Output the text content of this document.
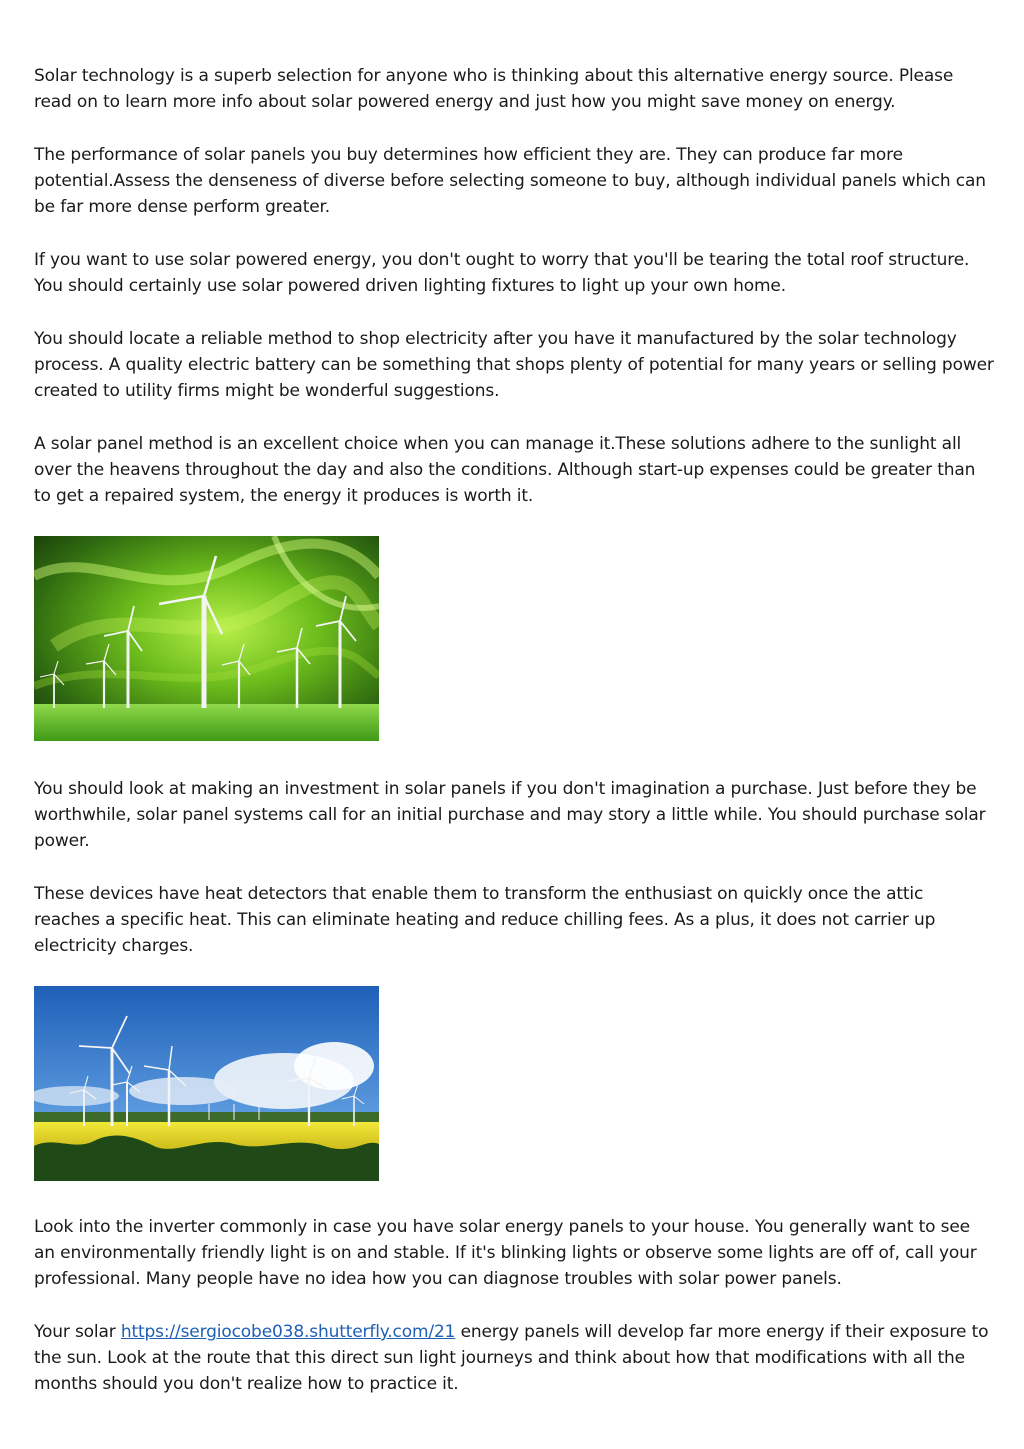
Solar technology is a superb selection for anyone who is thinking about this alternative energy source. Please read on to learn more info about solar powered energy and just how you might save money on energy.

The performance of solar panels you buy determines how efficient they are. They can produce far more potential.Assess the denseness of diverse before selecting someone to buy, although individual panels which can be far more dense perform greater.

If you want to use solar powered energy, you don't ought to worry that you'll be tearing the total roof structure. You should certainly use solar powered driven lighting fixtures to light up your own home.

You should locate a reliable method to shop electricity after you have it manufactured by the solar technology process. A quality electric battery can be something that shops plenty of potential for many years or selling power created to utility firms might be wonderful suggestions.

A solar panel method is an excellent choice when you can manage it.These solutions adhere to the sunlight all over the heavens throughout the day and also the conditions. Although start-up expenses could be greater than to get a repaired system, the energy it produces is worth it.

You should look at making an investment in solar panels if you don't imagination a purchase. Just before they be worthwhile, solar panel systems call for an initial purchase and may story a little while. You should purchase solar power.

These devices have heat detectors that enable them to transform the enthusiast on quickly once the attic reaches a specific heat. This can eliminate heating and reduce chilling fees. As a plus, it does not carrier up electricity charges.

Look into the inverter commonly in case you have solar energy panels to your house. You generally want to see an environmentally friendly light is on and stable. If it's blinking lights or observe some lights are off of, call your professional. Many people have no idea how you can diagnose troubles with solar power panels.

Your solar https://sergiocobe038.shutterfly.com/21 energy panels will develop far more energy if their exposure to the sun. Look at the route that this direct sun light journeys and think about how that modifications with all the months should you don't realize how to practice it.
